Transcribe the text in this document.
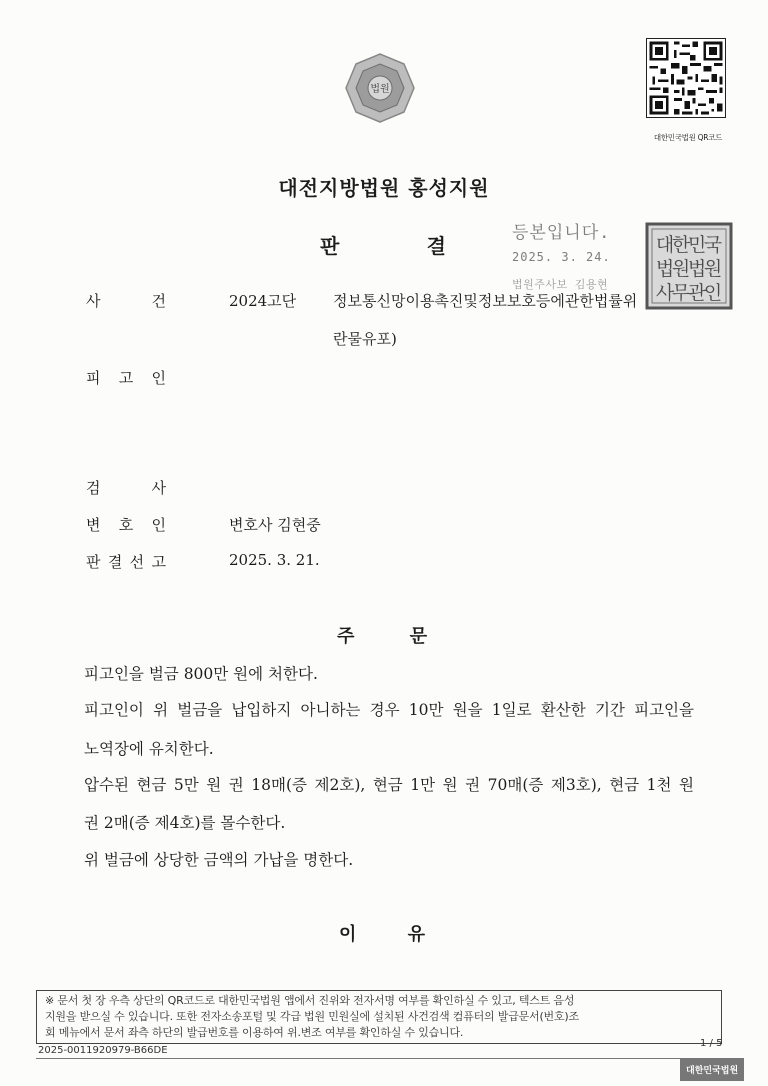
법원
대한민국법원 QR코드
대전지방법원 홍성지원
판	결
등본입니다.
2025. 3. 24.
법원주사보 김용현
대
한
민
국
법
원
법
원
사
무
관
인
사	건	2024고단 정보통신망이용촉진및정보보호등에관한법률위
란물유포)
피 고 인
검	사
변 호 인	변호사 김현중
판 결 선 고	2025. 3. 21.
주	문
피고인을 벌금 800만 원에 처한다.
피고인이 위 벌금을 납입하지 아니하는 경우 10만 원을 1일로 환산한 기간 피고인을
노역장에 유치한다.
압수된 현금 5만 원 권 18매(증 제2호), 현금 1만 원 권 70매(증 제3호), 현금 1천 원
권 2매(증 제4호)를 몰수한다.
위 벌금에 상당한 금액의 가납을 명한다.
이	유
※ 문서 첫 장 우측 상단의 QR코드로 대한민국법원 앱에서 진위와 전자서명 여부를 확인하실 수 있고, 텍스트 음성
지원을 받으실 수 있습니다. 또한 전자소송포털 및 각급 법원 민원실에 설치된 사건검색 컴퓨터의 발급문서(번호)조
회 메뉴에서 문서 좌측 하단의 발급번호를 이용하여 위.변조 여부를 확인하실 수 있습니다.
2025-0011920979-B66DE
1 / 5
대한민국법원
